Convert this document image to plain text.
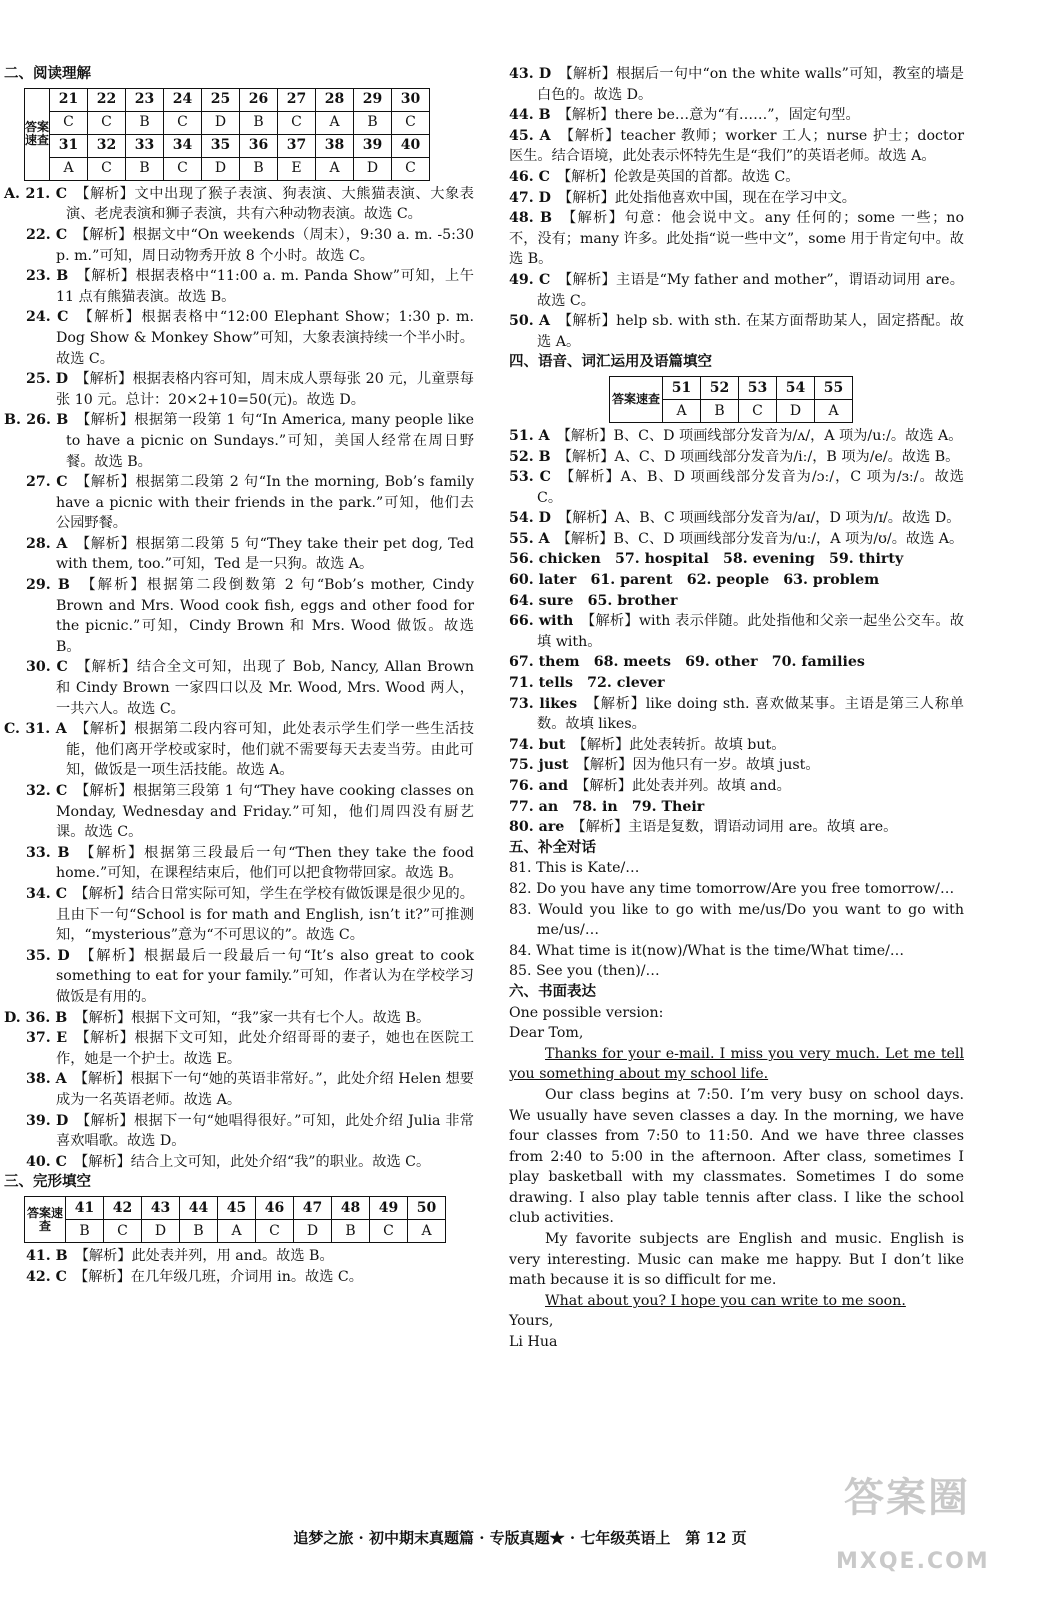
二、阅读理解

答案速查	21	22	23	24	25	26	27	28	29	30
	C	C	B	C	D	B	C	A	B	C
	31	32	33	34	35	36	37	38	39	40
	A	C	B	C	D	B	E	A	D	C

A. 21. C　 【解析】文中出现了猴子表演、狗表演、大熊猫表演、大象表演、老虎表演和狮子表演，共有六种动物表演。故选 C。

22. C　 【解析】根据文中“On weekends（周末），9:30 a. m. -5:30 p. m.”可知，周日动物秀开放 8 个小时。故选 C。

23. B　 【解析】根据表格中“11:00 a. m. Panda Show”可知，上午 11 点有熊猫表演。故选 B。

24. C　 【解析】根据表格中“12:00 Elephant Show；1:30 p. m. Dog Show & Monkey Show”可知，大象表演持续一个半小时。故选 C。

25. D　 【解析】根据表格内容可知，周末成人票每张 20 元，儿童票每张 10 元。总计：20×2+10=50(元)。故选 D。

B. 26. B　 【解析】根据第一段第 1 句“In America, many people like to have a picnic on Sundays.”可知，美国人经常在周日野餐。故选 B。

27. C　 【解析】根据第二段第 2 句“In the morning, Bob’s family have a picnic with their friends in the park.”可知，他们去公园野餐。

28. A　 【解析】根据第二段第 5 句“They take their pet dog, Ted with them, too.”可知，Ted 是一只狗。故选 A。

29. B　 【解析】根据第二段倒数第 2 句“Bob’s mother, Cindy Brown and Mrs. Wood cook fish, eggs and other food for the picnic.”可知，Cindy Brown 和 Mrs. Wood 做饭。故选 B。

30. C　 【解析】结合全文可知，出现了 Bob, Nancy, Allan Brown 和 Cindy Brown 一家四口以及 Mr. Wood, Mrs. Wood 两人，一共六人。故选 C。

C. 31. A　 【解析】根据第二段内容可知，此处表示学生们学一些生活技能，他们离开学校或家时，他们就不需要每天去麦当劳。由此可知，做饭是一项生活技能。故选 A。

32. C　 【解析】根据第三段第 1 句“They have cooking classes on Monday, Wednesday and Friday.”可知，他们周四没有厨艺课。故选 C。

33. B　 【解析】根据第三段最后一句“Then they take the food home.”可知，在课程结束后，他们可以把食物带回家。故选 B。

34. C　 【解析】结合日常实际可知，学生在学校有做饭课是很少见的。且由下一句“School is for math and English, isn’t it?”可推测知，“mysterious”意为“不可思议的”。故选 C。

35. D　 【解析】根据最后一段最后一句“It’s also great to cook something to eat for your family.”可知，作者认为在学校学习做饭是有用的。

D. 36. B　 【解析】根据下文可知，“我”家一共有七个人。故选 B。

37. E　 【解析】根据下文可知，此处介绍哥哥的妻子，她也在医院工作，她是一个护士。故选 E。

38. A　 【解析】根据下一句“她的英语非常好。”，此处介绍 Helen 想要成为一名英语老师。故选 A。

39. D　 【解析】根据下一句“她唱得很好。”可知，此处介绍 Julia 非常喜欢唱歌。故选 D。

40. C　 【解析】结合上文可知，此处介绍“我”的职业。故选 C。

三、完形填空

答案速查	41	42	43	44	45	46	47	48	49	50
	B	C	D	B	A	C	D	B	C	A

41. B　 【解析】此处表并列，用 and。故选 B。

42. C　 【解析】在几年级几班，介词用 in。故选 C。

43. D　 【解析】根据后一句中“on the white walls”可知，教室的墙是白色的。故选 D。

44. B　 【解析】there be…意为“有……”，固定句型。

45. A　 【解析】teacher 教师；worker 工人；nurse 护士；doctor 医生。结合语境，此处表示怀特先生是“我们”的英语老师。故选 A。

46. C　 【解析】伦敦是英国的首都。故选 C。

47. D　 【解析】此处指他喜欢中国，现在在学习中文。

48. B　 【解析】句意：他会说中文。any 任何的；some 一些；no 不，没有；many 许多。此处指“说一些中文”，some 用于肯定句中。故选 B。

49. C　 【解析】主语是“My father and mother”，谓语动词用 are。故选 C。

50. A　 【解析】help sb. with sth. 在某方面帮助某人，固定搭配。故选 A。

四、语音、词汇运用及语篇填空

答案速查	51	52	53	54	55
	A	B	C	D	A

51. A　 【解析】B、C、D 项画线部分发音为/ʌ/，A 项为/uː/。故选 A。

52. B　 【解析】A、C、D 项画线部分发音为/iː/，B 项为/e/。故选 B。

53. C　 【解析】A、B、D 项画线部分发音为/ɔː/，C 项为/ɜː/。故选 C。

54. D　 【解析】A、B、C 项画线部分发音为/aɪ/，D 项为/ɪ/。故选 D。

55. A　 【解析】B、C、D 项画线部分发音为/uː/，A 项为/ʊ/。故选 A。

56. chicken　57. hospital　58. evening　59. thirty

60. later　61. parent　62. people　63. problem

64. sure　65. brother

66. with　 【解析】with 表示伴随。此处指他和父亲一起坐公交车。故填 with。

67. them　68. meets　69. other　70. families

71. tells　72. clever

73. likes　 【解析】like doing sth. 喜欢做某事。主语是第三人称单数。故填 likes。

74. but　 【解析】此处表转折。故填 but。

75. just　 【解析】因为他只有一岁。故填 just。

76. and　 【解析】此处表并列。故填 and。

77. an　78. in　79. Their

80. are　 【解析】主语是复数，谓语动词用 are。故填 are。

五、补全对话

81. This is Kate/…

82. Do you have any time tomorrow/Are you free tomorrow/…

83. Would you like to go with me/us/Do you want to go with me/us/…

84. What time is it(now)/What is the time/What time/…

85. See you (then)/…

六、书面表达

One possible version:

Dear Tom,

Thanks for your e-mail. I miss you very much. Let me tell you something about my school life.

Our class begins at 7:50. I’m very busy on school days. We usually have seven classes a day. In the morning, we have four classes from 7:50 to 11:50. And we have three classes from 2:40 to 5:00 in the afternoon. After class, sometimes I play basketball with my classmates. Sometimes I do some drawing. I also play table tennis after class. I like the school club activities.

My favorite subjects are English and music. English is very interesting. Music can make me happy. But I don’t like math because it is so difficult for me.

What about you? I hope you can write to me soon.

Yours,

Li Hua

追梦之旅 · 初中期末真题篇 · 专版真题★ · 七年级英语上　第 12 页
答案圈
MXQE.COM
